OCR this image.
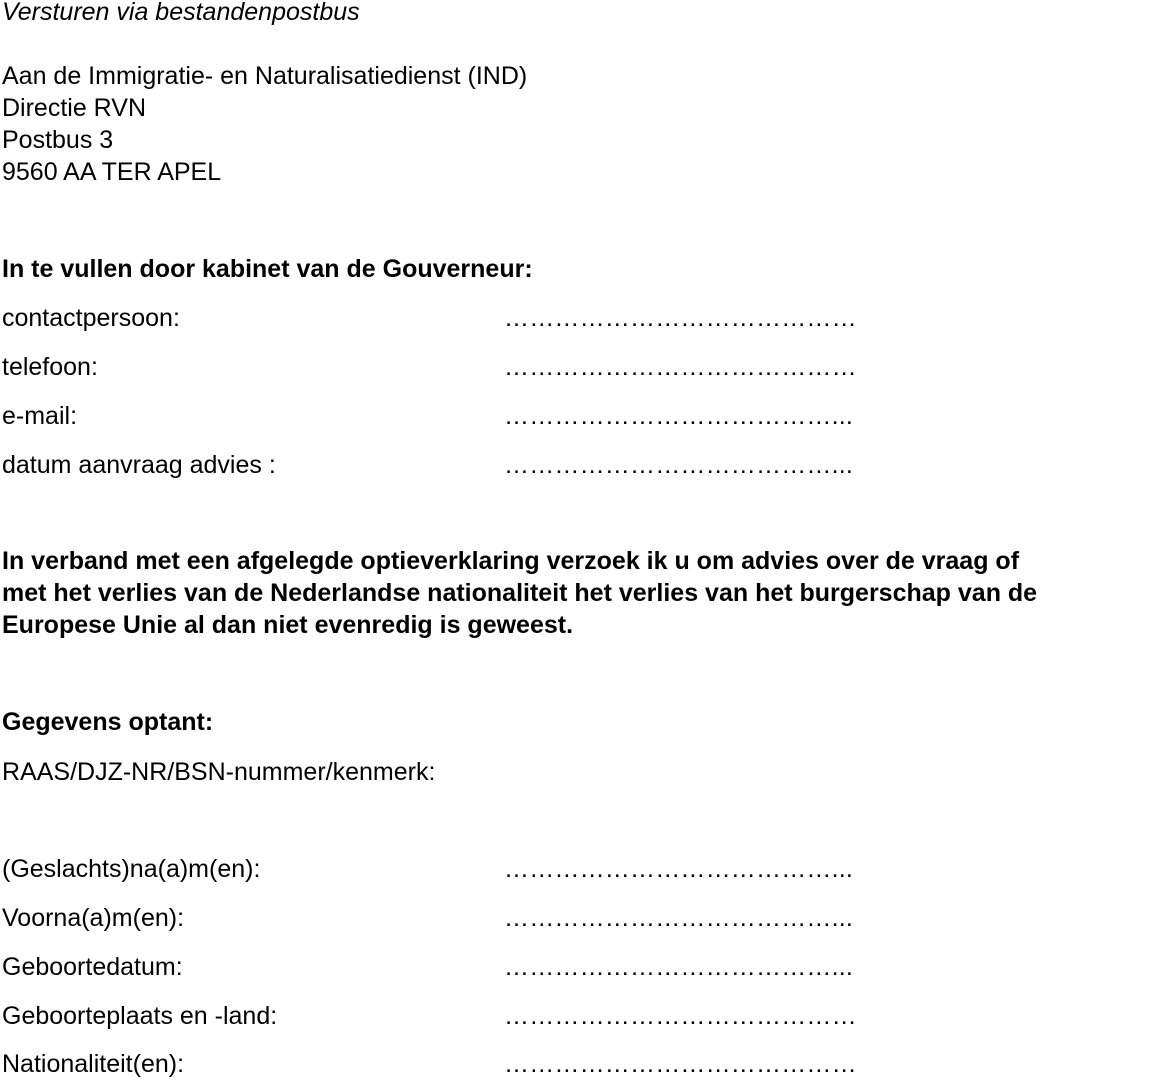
Versturen via bestandenpostbus
Aan de Immigratie- en Naturalisatiedienst (IND)
Directie RVN
Postbus 3
9560 AA TER APEL
In te vullen door kabinet van de Gouverneur:
contactpersoon:	……………………………………
telefoon:	……………………………………
e-mail:	…………………………………...
datum aanvraag advies :	…………………………………...
In verband met een afgelegde optieverklaring verzoek ik u om advies over de vraag of
met het verlies van de Nederlandse nationaliteit het verlies van het burgerschap van de
Europese Unie al dan niet evenredig is geweest.
Gegevens optant:
RAAS/DJZ-NR/BSN-nummer/kenmerk:
(Geslachts)na(a)m(en):	…………………………………...
Voorna(a)m(en):	…………………………………...
Geboortedatum:	…………………………………...
Geboorteplaats en -land:	……………………………………
Nationaliteit(en):	……………………………………
